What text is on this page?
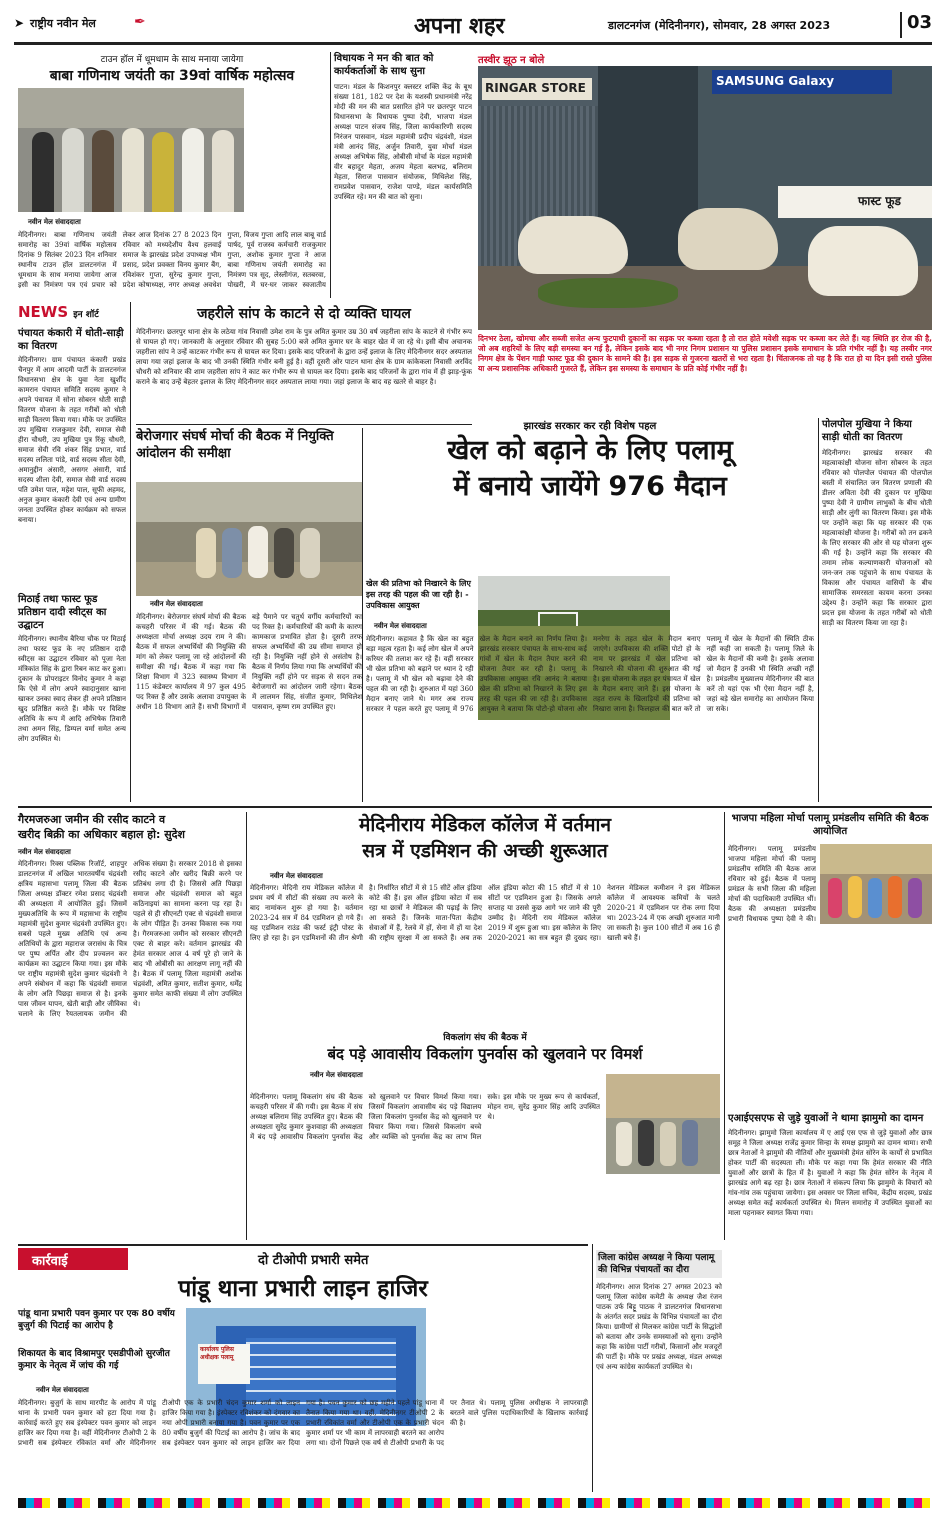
➤ राष्ट्रीय नवीन मेल	✒	अपना शहर	डालटनगंज (मेदिनीनगर), सोमवार, 28 अगस्त 2023	03
टाउन हॉल में धूमधाम के साथ मनाया जायेगा
बाबा गणिनाथ जयंती का 39वां वार्षिक महोत्सव
नवीन मेल संवाददाता
मेदिनीनगर। बाबा गणिनाथ जयंती समारोह का 39वां वार्षिक महोत्सव दिनांक 9 सितंबर 2023 दिन शनिवार स्थानीय टाउन हॉल डालटनगंज में धूमधाम के साथ मनाया जायेगा आज इसी का निमंत्रण पत्र एवं प्रचार को लेकर आज दिनांक 27 8 2023 दिन रविवार को मध्यदेशीय वैश्य हलवाई समाज के झारखंड प्रदेश उपाध्यक्ष भीम प्रसाद, प्रदेश प्रवक्ता विनय कुमार बैंग, रविशंकर गुप्ता, सुरेन्द्र कुमार गुप्ता, प्रदेश कोषाध्यक्ष, नगर अध्यक्ष अवधेश गुप्ता, विजय गुप्ता आदि लाल बाबू वार्ड पार्षद, पूर्व राजस्व कर्मचारी राजकुमार गुप्ता, अशोक कुमार गुप्ता ने आज बाबा गणिनाथ जयंती समारोह का निमंत्रण पत्र सूद, लेस्लीगंज, सतबरवा, पोखरी, में घर-घर जाकर स्वजातीय
विधायक ने मन की बात को कार्यकर्ताओं के साथ सुना
पाटन। मंडल के किशनपुर क्लस्टर शक्ति केंद्र के बूथ संख्या 181, 182 पर देश के यशस्वी प्रधानमंत्री नरेंद्र मोदी की मन की बात प्रसारित होने पर छतरपुर पाटन विधानसभा के विधायक पुष्पा देवी, भाजपा मंडल अध्यक्ष पाटन संजय सिंह, जिला कार्यकारिणी सदस्य निरंजन पासवान, मंडल महामंत्री प्रदीप चंद्रवंशी, मंडल मंत्री आनंद सिंह, अर्जुन तिवारी, युवा मोर्चा मंडल अध्यक्ष अभिषेक सिंह, ओबीसी मोर्चा के मंडल महामंत्री वीर बहादुर मेहता, अजय मेहता बलभद्र, बलिराम मेहता, सिराज पासवान संयोजक, मिथिलेश सिंह, रामप्रवेश पासवान, राजेश पाण्डे, मंडल कार्यसमिति उपस्थित रहे। मन की बात को सुना।
तस्वीर झूठ न बोले
RINGAR STORE	SAMSUNG Galaxy
फास्ट फूड
दिनभर ठेला, खोमचा और सब्जी सजेत अन्य फुटपाथी दुकानों का सड़क पर कब्जा रहता है तो रात होते मवेशी सड़क पर कब्जा कर लेते हैं। यह स्थिति हर रोज की है, जो अब शहरियों के लिए बड़ी समस्या बन गई है, लेकिन इसके बाद भी नगर निगम प्रशासन या पुलिस प्रशासन इसके समाधान के प्रति गंभीर नहीं है। यह तस्वीर नगर निगम क्षेत्र के पेंशन गाड़ी फास्ट फूड की दुकान के सामने की है। इस सड़क से गुजरना खतरों से भरा रहता है। चिंताजनक तो यह है कि रात हो या दिन इसी रास्ते पुलिस या अन्य प्रशासनिक अधिकारी गुजरते हैं, लेकिन इस समस्या के समाधान के प्रति कोई गंभीर नहीं है।
NEWS इन शॉर्ट
पंचायत कंकारी में धोती-साड़ी का वितरण
मेदिनीनगर। ग्राम पंचायत कंकारी प्रखंड चैनपुर में आम आदमी पार्टी के डालटनगंज विधानसभा क्षेत्र के युवा नेता खुर्शीद कामरान पंचायत समिति सदस्य कुमार ने अपने पंचायत में सोना सोबरन धोती साड़ी वितरण योजना के तहत गरीबों को धोती साड़ी वितरण किया गया। मौके पर उपस्थित उप मुखिया राजकुमार देवी, समाज सेवी हीरा चौधरी, उप मुखिया पुत्र रिंकू चौधरी, समाज सेवी रवि शंकर सिंह प्रभात, वार्ड सदस्य ललिता पांडे, वार्ड सदस्य सीता देवी, अमानुद्दीन अंसारी, असगर अंसारी, वार्ड सदस्य शीला देवी, समाज सेवी वार्ड सदस्य पति उमेश पाल, महेश पाल, सूफी अहमद, अनुज कुमार कंकारी देवी एवं अन्य ग्रामीण जनता उपस्थित होकर कार्यक्रम को सफल बनाया।
मिठाई तथा फास्ट फूड प्रतिष्ठान दादी स्वीट्स का उद्घाटन
मेदिनीनगर। स्थानीय बैरिया चौक पर मिठाई तथा फास्ट फूड के नए प्रतिष्ठान दादी स्वीट्स का उद्घाटन रविवार को पूजा नेता मंत्रिकांत सिंह के द्वारा रिबन काट कर हुआ। दुकान के प्रोपराइटर विनोद कुमार ने कहा कि ऐसे में लोग अपने स्वादानुसार खाना खाकर उनका स्वाद लेकर ही अपने प्रतिष्ठान खुद प्रतिष्ठित करते हैं। मौके पर विशिष्ट अतिथि के रूप में आदि अभिषेक तिवारी तथा अमन सिंह, डिम्पल वर्मा समेत अन्य लोग उपस्थित थे।
जहरीले सांप के काटने से दो व्यक्ति घायल
मेदिनीनगर। छतरपुर थाना क्षेत्र के लठेया गांव निवासी उमेश राम के पुत्र अमित कुमार उम्र 30 वर्ष जहरीला सांप के काटने से गंभीर रूप से घायल हो गए। जानकारी के अनुसार रविवार की सुबह 5:00 बजे अमित कुमार घर के बाहर खेत में जा रहे थे। इसी बीच अचानक जहरीला सांप ने उन्हें काटकर गंभीर रूप से घायल कर दिया। इसके बाद परिजनों के द्वारा उन्हें इलाज के लिए मेदिनीनगर सदर अस्पताल लाया गया जहां इलाज के बाद भी उनकी स्थिति गंभीर बनी हुई है। वहीं दूसरी ओर पाटन थाना क्षेत्र के ग्राम कांकेकला निवासी अरविंद चौधरी को शनिवार की शाम जहरीला सांप ने काट कर गंभीर रूप से घायल कर दिया। इसके बाद परिजनों के द्वारा गांव में ही झाड़-फूंक कराने के बाद उन्हें बेहतर इलाज के लिए मेदिनीनगर सदर अस्पताल लाया गया। जहां इलाज के बाद वह खतरे से बाहर है।
बेरोजगार संघर्ष मोर्चा की बैठक में नियुक्ति आंदोलन की समीक्षा
नवीन मेल संवाददाता
मेदिनीनगर। बेरोजगार संघर्ष मोर्चा की बैठक कचहरी परिसर में की गई। बैठक की अध्यक्षता मोर्चा अध्यक्ष उदय राम ने की। बैठक में सफल अभ्यर्थियों की नियुक्ति की मांग को लेकर पलामू जा रहे आंदोलनों की समीक्षा की गई। बैठक में कहा गया कि शिक्षा विभाग में 323 स्वास्थ्य विभाग में 115 कंडेक्टर कार्यालय में 97 कुल 495 पद रिक्त हैं और उसके अलावा उपायुक्त के अधीन 18 विभाग आते हैं। सभी विभागों में बड़े पैमाने पर चतुर्थ वर्गीय कर्मचारियों का पद रिक्त है। कर्मचारियों की कमी के कारण कामकाज प्रभावित होता है। दूसरी तरफ सफल अभ्यर्थियों की उम्र सीमा समाप्त हो रही है। नियुक्ति नहीं होने से असंतोष है। बैठक में निर्णय लिया गया कि अभ्यर्थियों की नियुक्ति नहीं होने पर सड़क से सदन तक बेरोजगारों का आंदोलन जारी रहेगा। बैठक में लालमन सिंह, संजीत कुमार, मिथिलेश पासवान, कृष्ण राम उपस्थित हुए।
झारखंड सरकार कर रही विशेष पहल
खेल को बढ़ाने के लिए पलामू
में बनाये जायेंगे 976 मैदान
खेल की प्रतिभा को निखारने के लिए इस तरह की पहल की जा रही है। - उपविकास आयुक्त
नवीन मेल संवाददाता
मेदिनीनगर। कहावत है कि खेल का बहुत बड़ा महत्व रहता है। कई लोग खेल में अपने करियर की तलाश कर रहे हैं। वहीं सरकार भी खेल प्रतिभा को बढ़ाने पर ध्यान दे रही है। पलामू में भी खेल को बढ़ावा देने की पहल की जा रही है। शुरुआत में यहां 360 मैदान बनाए जाने थे। मगर अब राज्य सरकार ने पहल करते हुए पलामू में 976 खेल के मैदान बनाने का निर्णय लिया है। झारखंड सरकार पंचायत के साथ-साथ कई गांवों में खेल के मैदान तैयार करने की योजना तैयार कर रही है। पलामू के उपविकास आयुक्त रवि आनंद ने बताया खेल की प्रतिभा को निखारने के लिए इस तरह की पहल की जा रही है। उपविकास आयुक्त ने बताया कि पोटो-हो योजना और मनरेगा के तहत खेल के मैदान बनाए जाएंगे। उपविकास की शक्ति पोटो हो के नाम पर झारखंड में खेल प्रतिभा को निखारने की योजना की शुरुआत की गई है। इस योजना के तहत हर पंचायत में खेल के मैदान बनाए जाने हैं। इस योजना के तहत राज्य के खिलाड़ियों की प्रतिभा को निखारा जाना है। फिलहाल की बात करें तो पलामू में खेल के मैदानों की स्थिति ठीक नहीं कही जा सकती है। पलामू जिले के खेल के मैदानों की कमी है। इसके अलावा जो मैदान हैं उनकी भी स्थिति अच्छी नहीं है। प्रमंडलीय मुख्यालय मेदिनीनगर की बात करें तो यहां एक भी ऐसा मैदान नहीं है, जहां बड़े खेल समारोह का आयोजन किया जा सके।
पोलपोल मुखिया ने किया साड़ी धोती का वितरण
मेदिनीनगर। झारखंड सरकार की महत्वाकांक्षी योजना सोना सोबरन के तहत रविवार को पोलपोल पंचायत की पोलपोल बस्ती में संचालित जन वितरण प्रणाली की डीलर अविता देवी की दुकान पर मुखिया पुष्पा देवी ने ग्रामीण लाभुकों के बीच धोती साड़ी और लुंगी का वितरण किया। इस मौके पर उन्होंने कहा कि यह सरकार की एक महत्वाकांक्षी योजना है। गरीबों को तन ढकने के लिए सरकार की ओर से यह योजना शुरू की गई है। उन्होंने कहा कि सरकार की तमाम लोक कल्याणकारी योजनाओं को जन-जन तक पहुंचाने के साथ पंचायत के विकास और पंचायत वासियों के बीच सामाजिक समरसता कायम करना उनका उद्देश्य है। उन्होंने कहा कि सरकार द्वारा प्रदत्त इस योजना के तहत गरीबों को धोती साड़ी का वितरण किया जा रहा है।
गैरमजरुआ जमीन की रसीद काटने व
खरीद बिक्री का अधिकार बहाल हो: सुदेश
नवीन मेल संवाददाता
मेदिनीनगर। रिक्स पब्लिक रिजॉर्ट, शाहपुर डालटनगंज में अखिल भारतवर्षीय चंद्रवंशी क्षत्रिय महासभा पलामू जिला की बैठक जिला अध्यक्ष डॉक्टर रमेश प्रसाद चंद्रवंशी की अध्यक्षता में आयोजित हुई। जिसमें मुख्यअतिथि के रूप में महासभा के राष्ट्रीय महामंत्री सुदेश कुमार चंद्रवंशी उपस्थित हुए। सबसे पहले मुख्य अतिथि एवं अन्य अतिथियों के द्वारा महाराज जरासंध के चित्र पर पुष्प अर्पित और दीप प्रज्वलन कर कार्यक्रम का उद्घाटन किया गया। इस मौके पर राष्ट्रीय महामंत्री सुदेश कुमार चंद्रवंशी ने अपने संबोधन में कहा कि चंद्रवंशी समाज के लोग अति पिछड़ा समाज से है। इनके पास जीवन यापन, खेती बाड़ी और जीविका चलाने के लिए रैयतलायक जमीन की अधिक संख्या है। सरकार 2018 से इसका रसीद काटने और खरीद बिक्री करने पर प्रतिबंध लगा दी है। जिससे अति पिछड़ा समाज और चंद्रवंशी समाज को बहुत कठिनाइयां का सामना करना पड़ रहा है। पहले से ही सीएनटी एक्ट से चंद्रवंशी समाज के लोग पीड़ित हैं। उनका विकास रुक गया है। गैरमजरुआ जमीन को सरकार सीएनटी एक्ट से बाहर करे। वर्तमान झारखंड की हेमंत सरकार आज 4 वर्ष पूरे हो जाने के बाद भी ओबीसी का आरक्षण लागू नहीं की है। बैठक में पलामू जिला महामंत्री अशोक चंद्रवंशी, अमित कुमार, सतीश कुमार, धर्मेंद्र कुमार समेत काफी संख्या में लोग उपस्थित थे।
मेदिनीराय मेडिकल कॉलेज में वर्तमान
सत्र में एडमिशन की अच्छी शुरूआत
नवीन मेल संवाददाता
मेदिनीनगर। मेदिनी राय मेडिकल कॉलेज में प्रथम वर्ष में सीटों की संख्या तय करने के बाद नामांकन शुरू हो गया है। वर्तमान 2023-24 सत्र में 84 एडमिशन हो गये हैं। यह एडमिशन राउंड की फर्स्ट इंट्री पोस्ट के लिए हो रहा है। इन एडमिशनों की तीन श्रेणी है। निर्धारित सीटों में से 15 सीटें ऑल इंडिया कोटे की हैं। इस ऑल इंडिया कोटा में सब रहा था छात्रों ने मेडिकल की पढ़ाई के लिए आ सकते हैं। जिनके माता-पिता केंद्रीय सेवाओं में हैं, रेलवे में हों, सेना में हों या देश की राष्ट्रीय सुरक्षा में आ सकते हैं। अब तक ऑल इंडिया कोटा की 15 सीटों में से 10 सीटों पर एडमिशन हुआ है। जिसके अगले सप्ताह या उससे कुछ आगे भर जाने की पूरी उम्मीद है। मेदिनी राय मेडिकल कॉलेज 2019 में शुरू हुआ था। इस कॉलेज के लिए 2020-2021 का सत्र बहुत ही दुखद रहा। नेशनल मेडिकल कमीशन ने इस मेडिकल कॉलेज में आवश्यक कमियों के चलते 2020-21 में एडमिशन पर रोक लगा दिया था। 2023-24 में एक अच्छी शुरुआत मानी जा सकती है। कुल 100 सीटों में अब 16 ही खाली बचे हैं।
भाजपा महिला मोर्चा पलामू प्रमंडलीय समिति की बैठक आयोजित
मेदिनीनगर। पलामू प्रमंडलीय भाजपा महिला मोर्चा की पलामू प्रमंडलीय समिति की बैठक आज रविवार को हुई। बैठक में पलामू प्रमंडल के सभी जिला की महिला मोर्चा की पदाधिकारी उपस्थित थीं। बैठक की अध्यक्षता प्रमंडलीय प्रभारी विधायक पुष्पा देवी ने की।
एआईएसएफ से जुड़े युवाओं ने थामा झामुमो का दामन
मेदिनीनगर। झामुमो जिला कार्यालय में ए आई एस एफ से जुड़े युवाओं और छात्र समूह ने जिला अध्यक्ष राजेंद्र कुमार सिन्हा के समक्ष झामुमो का दामन थामा। सभी छात्र नेताओं ने झामुमो की नीतियों और मुख्यमंत्री हेमंत सोरेन के कार्यों से प्रभावित होकर पार्टी की सदस्यता ली। मौके पर कहा गया कि हेमंत सरकार की नीति युवाओं और छात्रों के हित में है। युवाओं ने कहा कि हेमंत सोरेन के नेतृत्व में झारखंड आगे बढ़ रहा है। छात्र नेताओं ने संकल्प लिया कि झामुमो के विचारों को गांव-गांव तक पहुंचाया जायेगा। इस अवसर पर जिला सचिव, केंद्रीय सदस्य, प्रखंड अध्यक्ष समेत कई कार्यकर्ता उपस्थित थे। मिलन समारोह में उपस्थित युवाओं का माला पहनाकर स्वागत किया गया।
विकलांग संघ की बैठक में
बंद पड़े आवासीय विकलांग पुनर्वास को खुलवाने पर विमर्श
नवीन मेल संवाददाता
मेदिनीनगर। पलामू विकलांग संघ की बैठक कचहरी परिसर में की गयी। इस बैठक में संघ अध्यक्ष बलिराम सिंह उपस्थित हुए। बैठक की अध्यक्षता सुरेंद्र कुमार कुशवाहा की अध्यक्षता में बंद पड़े आवासीय विकलांग पुनर्वास केंद्र को खुलवाने पर विचार विमर्श किया गया। जिसमें विकलांग आवासीय बंद पड़े विद्यालय जिला विकलांग पुनर्वास केंद्र को खुलवाने पर विचार किया गया। जिससे विकलांग बच्चे और व्यक्ति को पुनर्वास केंद्र का लाभ मिल सके। इस मौके पर मुख्य रूप से कार्यकर्ता, मोहन राम, सुरेंद्र कुमार सिंह आदि उपस्थित थे।
कार्रवाई	दो टीओपी प्रभारी समेत
पांडू थाना प्रभारी लाइन हाजिर
पांडू थाना प्रभारी पवन कुमार पर एक 80 वर्षीय बुजुर्ग की पिटाई का आरोप है
शिकायत के बाद विश्रामपुर एसडीपीओ सुरजीत कुमार के नेतृत्व में जांच की गई
नवीन मेल संवाददाता
कार्यालय पुलिस अधीक्षक पलामू
मेदिनीनगर। बुजुर्ग के साथ मारपीट के आरोप में पांडू थाना के प्रभारी पवन कुमार को हटा दिया गया है। कार्रवाई करते हुए सब इंस्पेक्टर पवन कुमार को लाइन हाजिर कर दिया गया है। वहीं मेदिनीनगर टीओपी 2 के प्रभारी सब इंस्पेक्टर रविकांत वर्मा और मेदिनीनगर टीओपी एक के प्रभारी चंदन कुमार शर्मा को लाइन हाजिर किया गया है। इंस्पेक्टर रविशंकर को दंगवार का नया ओपी प्रभारी बनाया गया है। पवन कुमार पर एक 80 वर्षीय बुजुर्ग की पिटाई का आरोप है। जांच के बाद सब इंस्पेक्टर पवन कुमार को लाइन हाजिर कर दिया गया है। पवन कुमार को छह महीने पहले पांडू थाना में तैनात किया गया था। वहीं, मेदिनीनगर टीओपी 2 के प्रभारी रविकांत वर्मा और टीओपी एक के प्रभारी चंदन कुमार शर्मा पर भी काम में लापरवाही बरतने का आरोप लगा था। दोनों पिछले एक वर्ष से टीओपी प्रभारी के पद पर तैनात थे। पलामू पुलिस अधीक्षक ने लापरवाही बरतने वाले पुलिस पदाधिकारियों के खिलाफ कार्रवाई की है।
जिला कांग्रेस अध्यक्ष ने किया पलामू की विभिन्न पंचायतों का दौरा
मेदिनीनगर। आज दिनांक 27 अगस्त 2023 को पलामू जिला कांग्रेस कमेटी के अध्यक्ष जैश रंजन पाठक उर्फ बिट्टू पाठक ने डालटनगंज विधानसभा के अंतर्गत सदर प्रखंड के विभिन्न पंचायतों का दौरा किया। ग्रामीणों से मिलकर कांग्रेस पार्टी के सिद्धांतों को बताया और उनके समस्याओं को सुना। उन्होंने कहा कि कांग्रेस पार्टी गरीबों, किसानों और मजदूरों की पार्टी है। मौके पर प्रखंड अध्यक्ष, मंडल अध्यक्ष एवं अन्य कांग्रेस कार्यकर्ता उपस्थित थे।
